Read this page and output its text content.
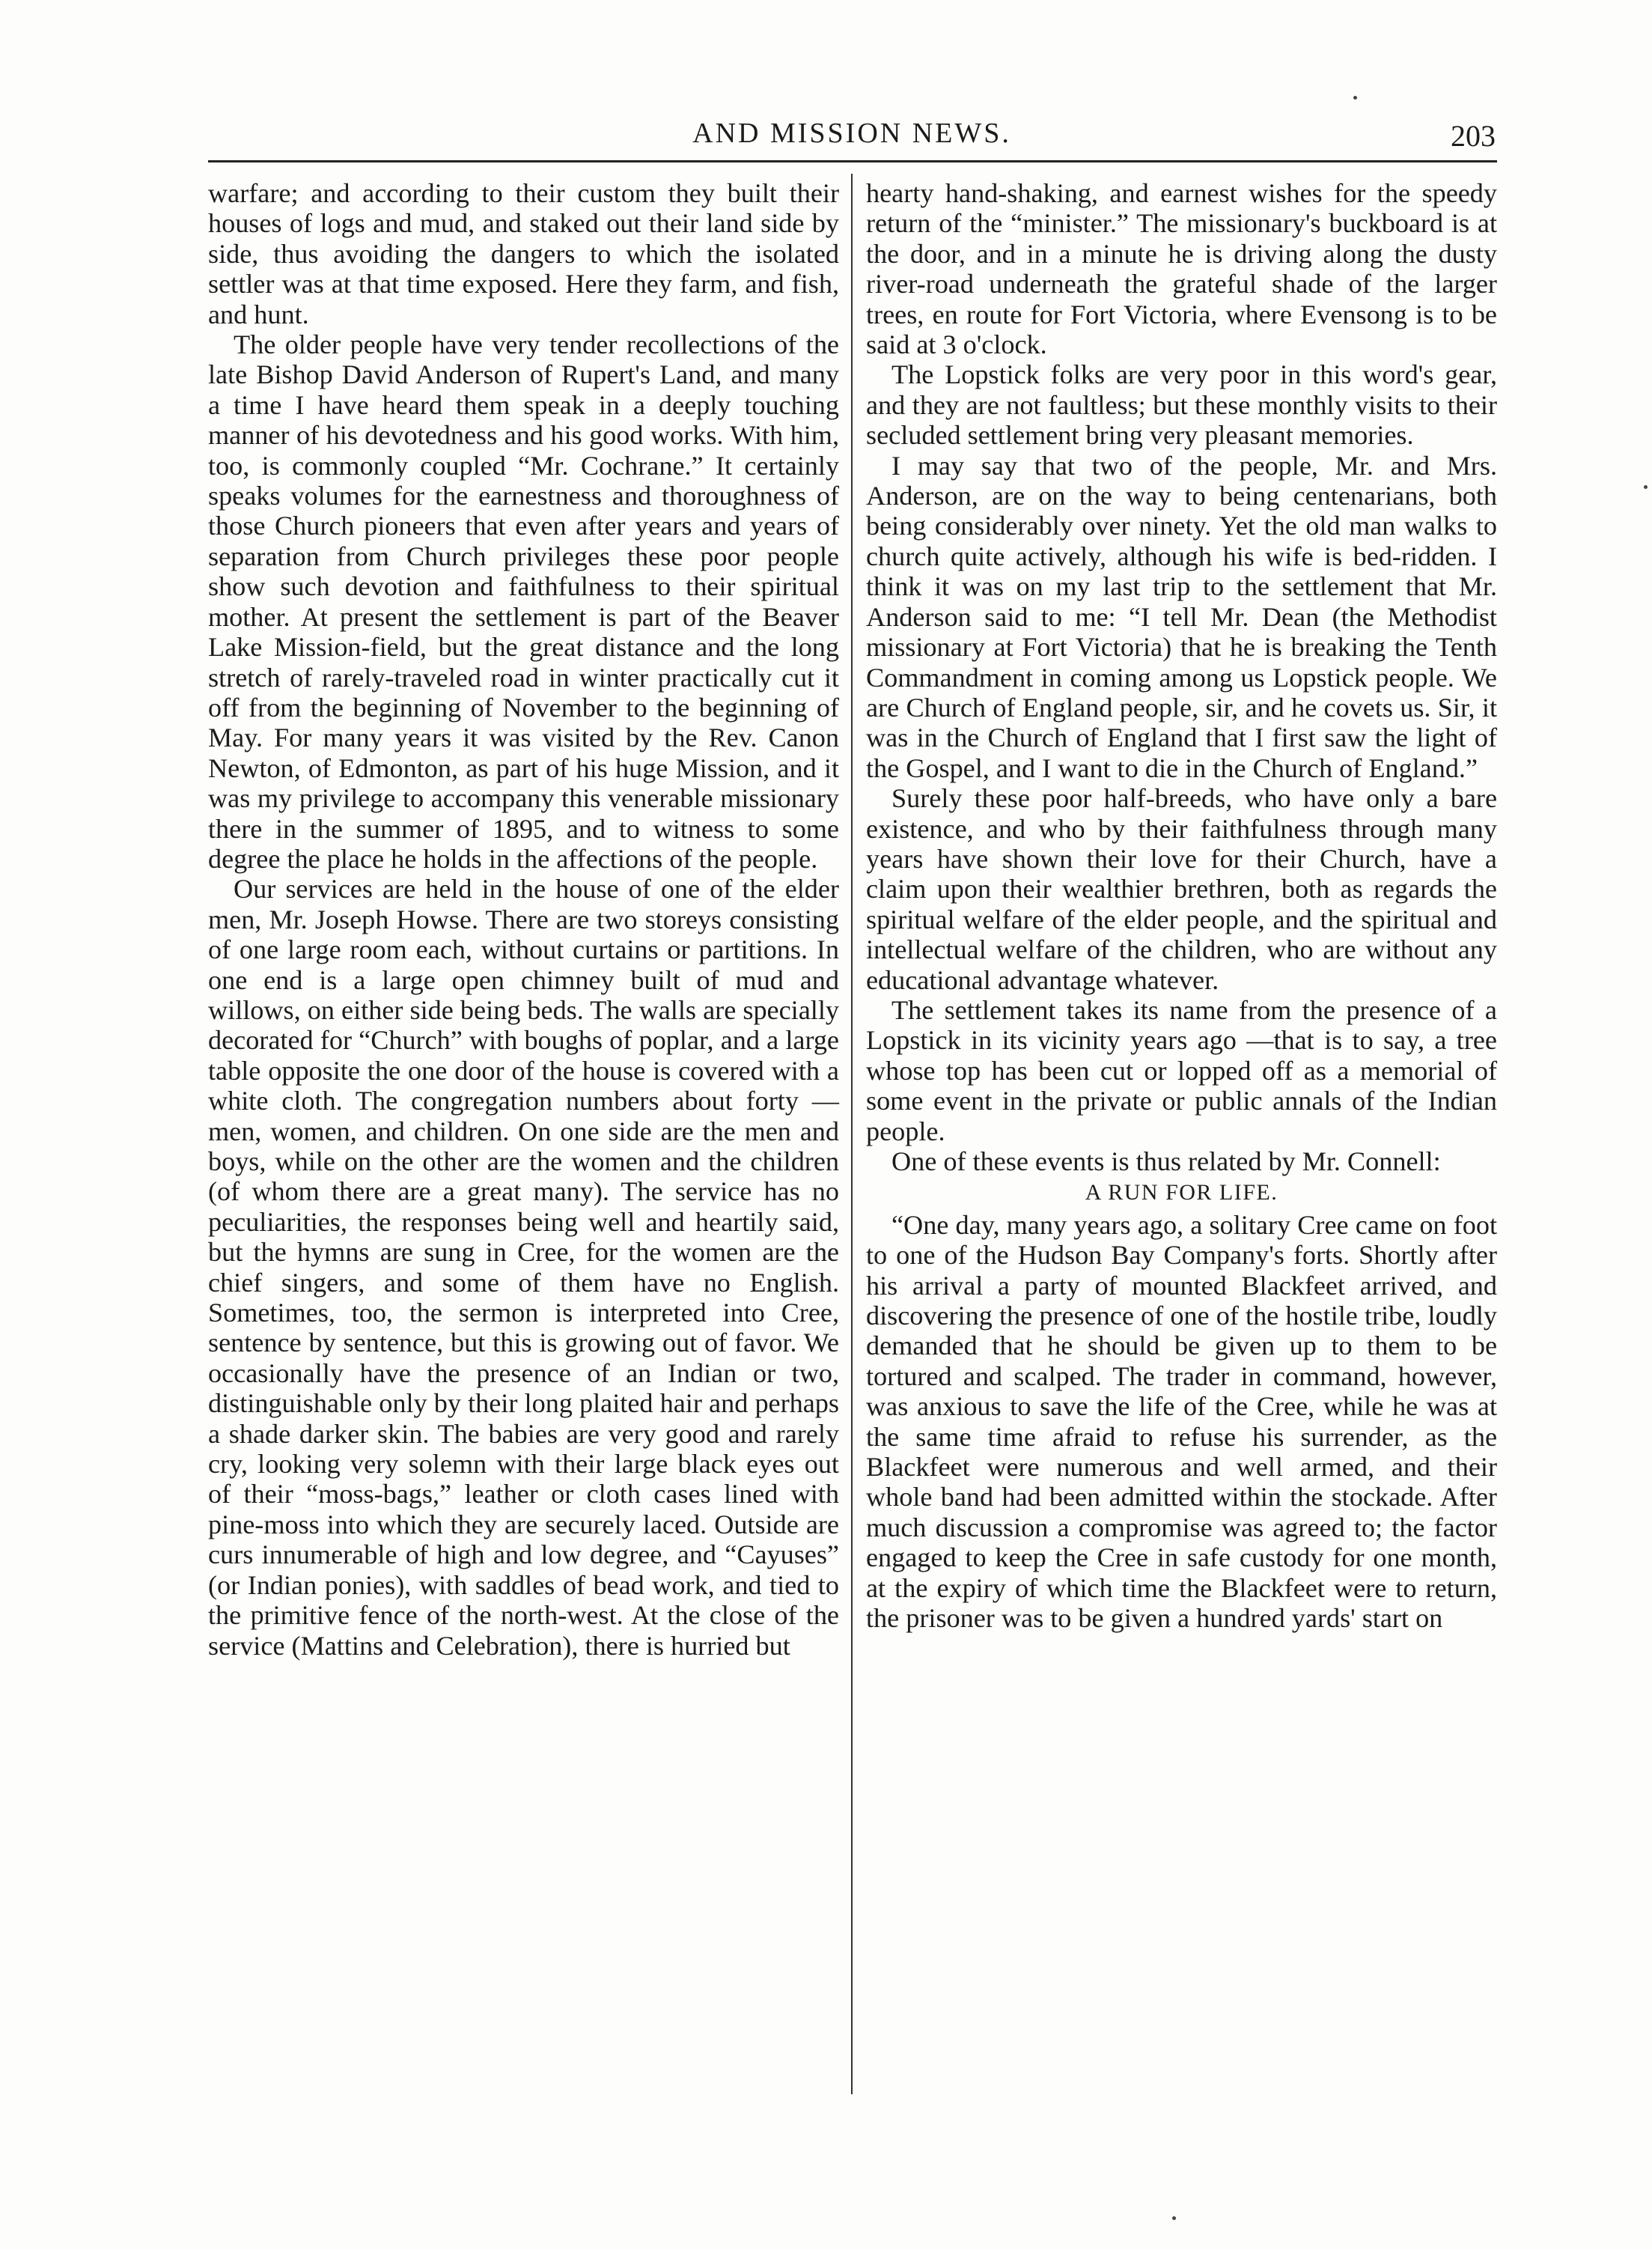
AND MISSION NEWS.	203

warfare; and according to their custom they built their houses of logs and mud, and staked out their land side by side, thus avoiding the dangers to which the isolated settler was at that time exposed. Here they farm, and fish, and hunt.

The older people have very tender recollections of the late Bishop David Anderson of Rupert's Land, and many a time I have heard them speak in a deeply touching manner of his devotedness and his good works. With him, too, is commonly coupled “Mr. Cochrane.” It certainly speaks volumes for the earnestness and thoroughness of those Church pioneers that even after years and years of separation from Church privileges these poor people show such devotion and faithfulness to their spiritual mother. At present the settlement is part of the Beaver Lake Mission-field, but the great distance and the long stretch of rarely-traveled road in winter practically cut it off from the beginning of November to the beginning of May. For many years it was visited by the Rev. Canon Newton, of Edmonton, as part of his huge Mission, and it was my privilege to accompany this venerable missionary there in the summer of 1895, and to witness to some degree the place he holds in the affections of the people.

Our services are held in the house of one of the elder men, Mr. Joseph Howse. There are two storeys consisting of one large room each, without curtains or partitions. In one end is a large open chimney built of mud and willows, on either side being beds. The walls are specially decorated for “Church” with boughs of poplar, and a large table opposite the one door of the house is covered with a white cloth. The congregation numbers about forty —men, women, and children. On one side are the men and boys, while on the other are the women and the children (of whom there are a great many). The service has no peculiarities, the responses being well and heartily said, but the hymns are sung in Cree, for the women are the chief singers, and some of them have no English. Sometimes, too, the sermon is interpreted into Cree, sentence by sentence, but this is growing out of favor. We occasionally have the presence of an Indian or two, distinguishable only by their long plaited hair and perhaps a shade darker skin. The babies are very good and rarely cry, looking very solemn with their large black eyes out of their “moss-bags,” leather or cloth cases lined with pine-moss into which they are securely laced. Outside are curs innumerable of high and low degree, and “Cayuses” (or Indian ponies), with saddles of bead work, and tied to the primitive fence of the north-west. At the close of the service (Mattins and Celebration), there is hurried but

hearty hand-shaking, and earnest wishes for the speedy return of the “minister.” The missionary's buckboard is at the door, and in a minute he is driving along the dusty river-road underneath the grateful shade of the larger trees, en route for Fort Victoria, where Evensong is to be said at 3 o'clock.

The Lopstick folks are very poor in this word's gear, and they are not faultless; but these monthly visits to their secluded settlement bring very pleasant memories.

I may say that two of the people, Mr. and Mrs. Anderson, are on the way to being centenarians, both being considerably over ninety. Yet the old man walks to church quite actively, although his wife is bed-ridden. I think it was on my last trip to the settlement that Mr. Anderson said to me: “I tell Mr. Dean (the Methodist missionary at Fort Victoria) that he is breaking the Tenth Commandment in coming among us Lopstick people. We are Church of England people, sir, and he covets us. Sir, it was in the Church of England that I first saw the light of the Gospel, and I want to die in the Church of England.”

Surely these poor half-breeds, who have only a bare existence, and who by their faithfulness through many years have shown their love for their Church, have a claim upon their wealthier brethren, both as regards the spiritual welfare of the elder people, and the spiritual and intellectual welfare of the children, who are without any educational advantage whatever.

The settlement takes its name from the presence of a Lopstick in its vicinity years ago —that is to say, a tree whose top has been cut or lopped off as a memorial of some event in the private or public annals of the Indian people.

One of these events is thus related by Mr. Connell:

A RUN FOR LIFE.

“One day, many years ago, a solitary Cree came on foot to one of the Hudson Bay Company's forts. Shortly after his arrival a party of mounted Blackfeet arrived, and discovering the presence of one of the hostile tribe, loudly demanded that he should be given up to them to be tortured and scalped. The trader in command, however, was anxious to save the life of the Cree, while he was at the same time afraid to refuse his surrender, as the Blackfeet were numerous and well armed, and their whole band had been admitted within the stockade. After much discussion a compromise was agreed to; the factor engaged to keep the Cree in safe custody for one month, at the expiry of which time the Blackfeet were to return, the prisoner was to be given a hundred yards' start on
